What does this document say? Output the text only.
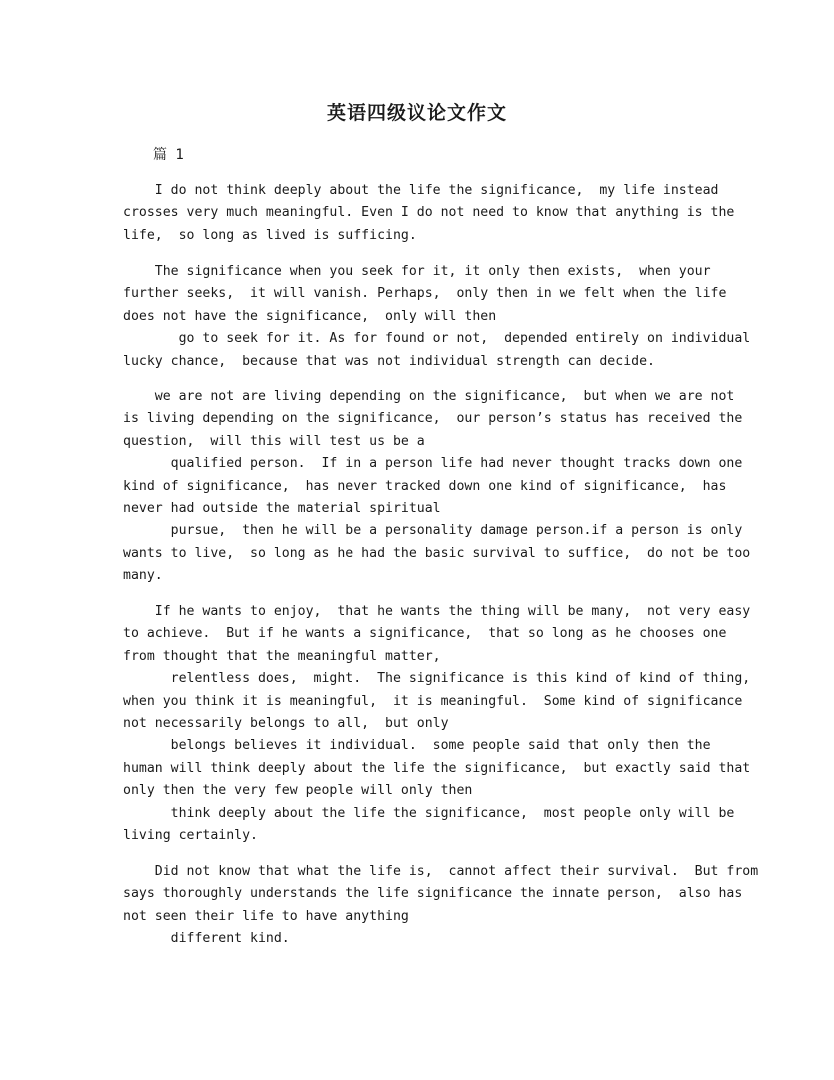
英语四级议论文作文
篇 1
I do not think deeply about the life the significance,  my life instead
crosses very much meaningful. Even I do not need to know that anything is the
life,  so long as lived is sufficing.
The significance when you seek for it, it only then exists,  when your
further seeks,  it will vanish. Perhaps,  only then in we felt when the life
does not have the significance,  only will then
go to seek for it. As for found or not,  depended entirely on individual
lucky chance,  because that was not individual strength can decide.
we are not are living depending on the significance,  but when we are not
is living depending on the significance,  our person’s status has received the
question,  will this will test us be a
qualified person.  If in a person life had never thought tracks down one
kind of significance,  has never tracked down one kind of significance,  has
never had outside the material spiritual
pursue,  then he will be a personality damage person.if a person is only
wants to live,  so long as he had the basic survival to suffice,  do not be too
many.
If he wants to enjoy,  that he wants the thing will be many,  not very easy
to achieve.  But if he wants a significance,  that so long as he chooses one
from thought that the meaningful matter,
relentless does,  might.  The significance is this kind of kind of thing,
when you think it is meaningful,  it is meaningful.  Some kind of significance
not necessarily belongs to all,  but only
belongs believes it individual.  some people said that only then the
human will think deeply about the life the significance,  but exactly said that
only then the very few people will only then
think deeply about the life the significance,  most people only will be
living certainly.
Did not know that what the life is,  cannot affect their survival.  But from
says thoroughly understands the life significance the innate person,  also has
not seen their life to have anything
different kind.
